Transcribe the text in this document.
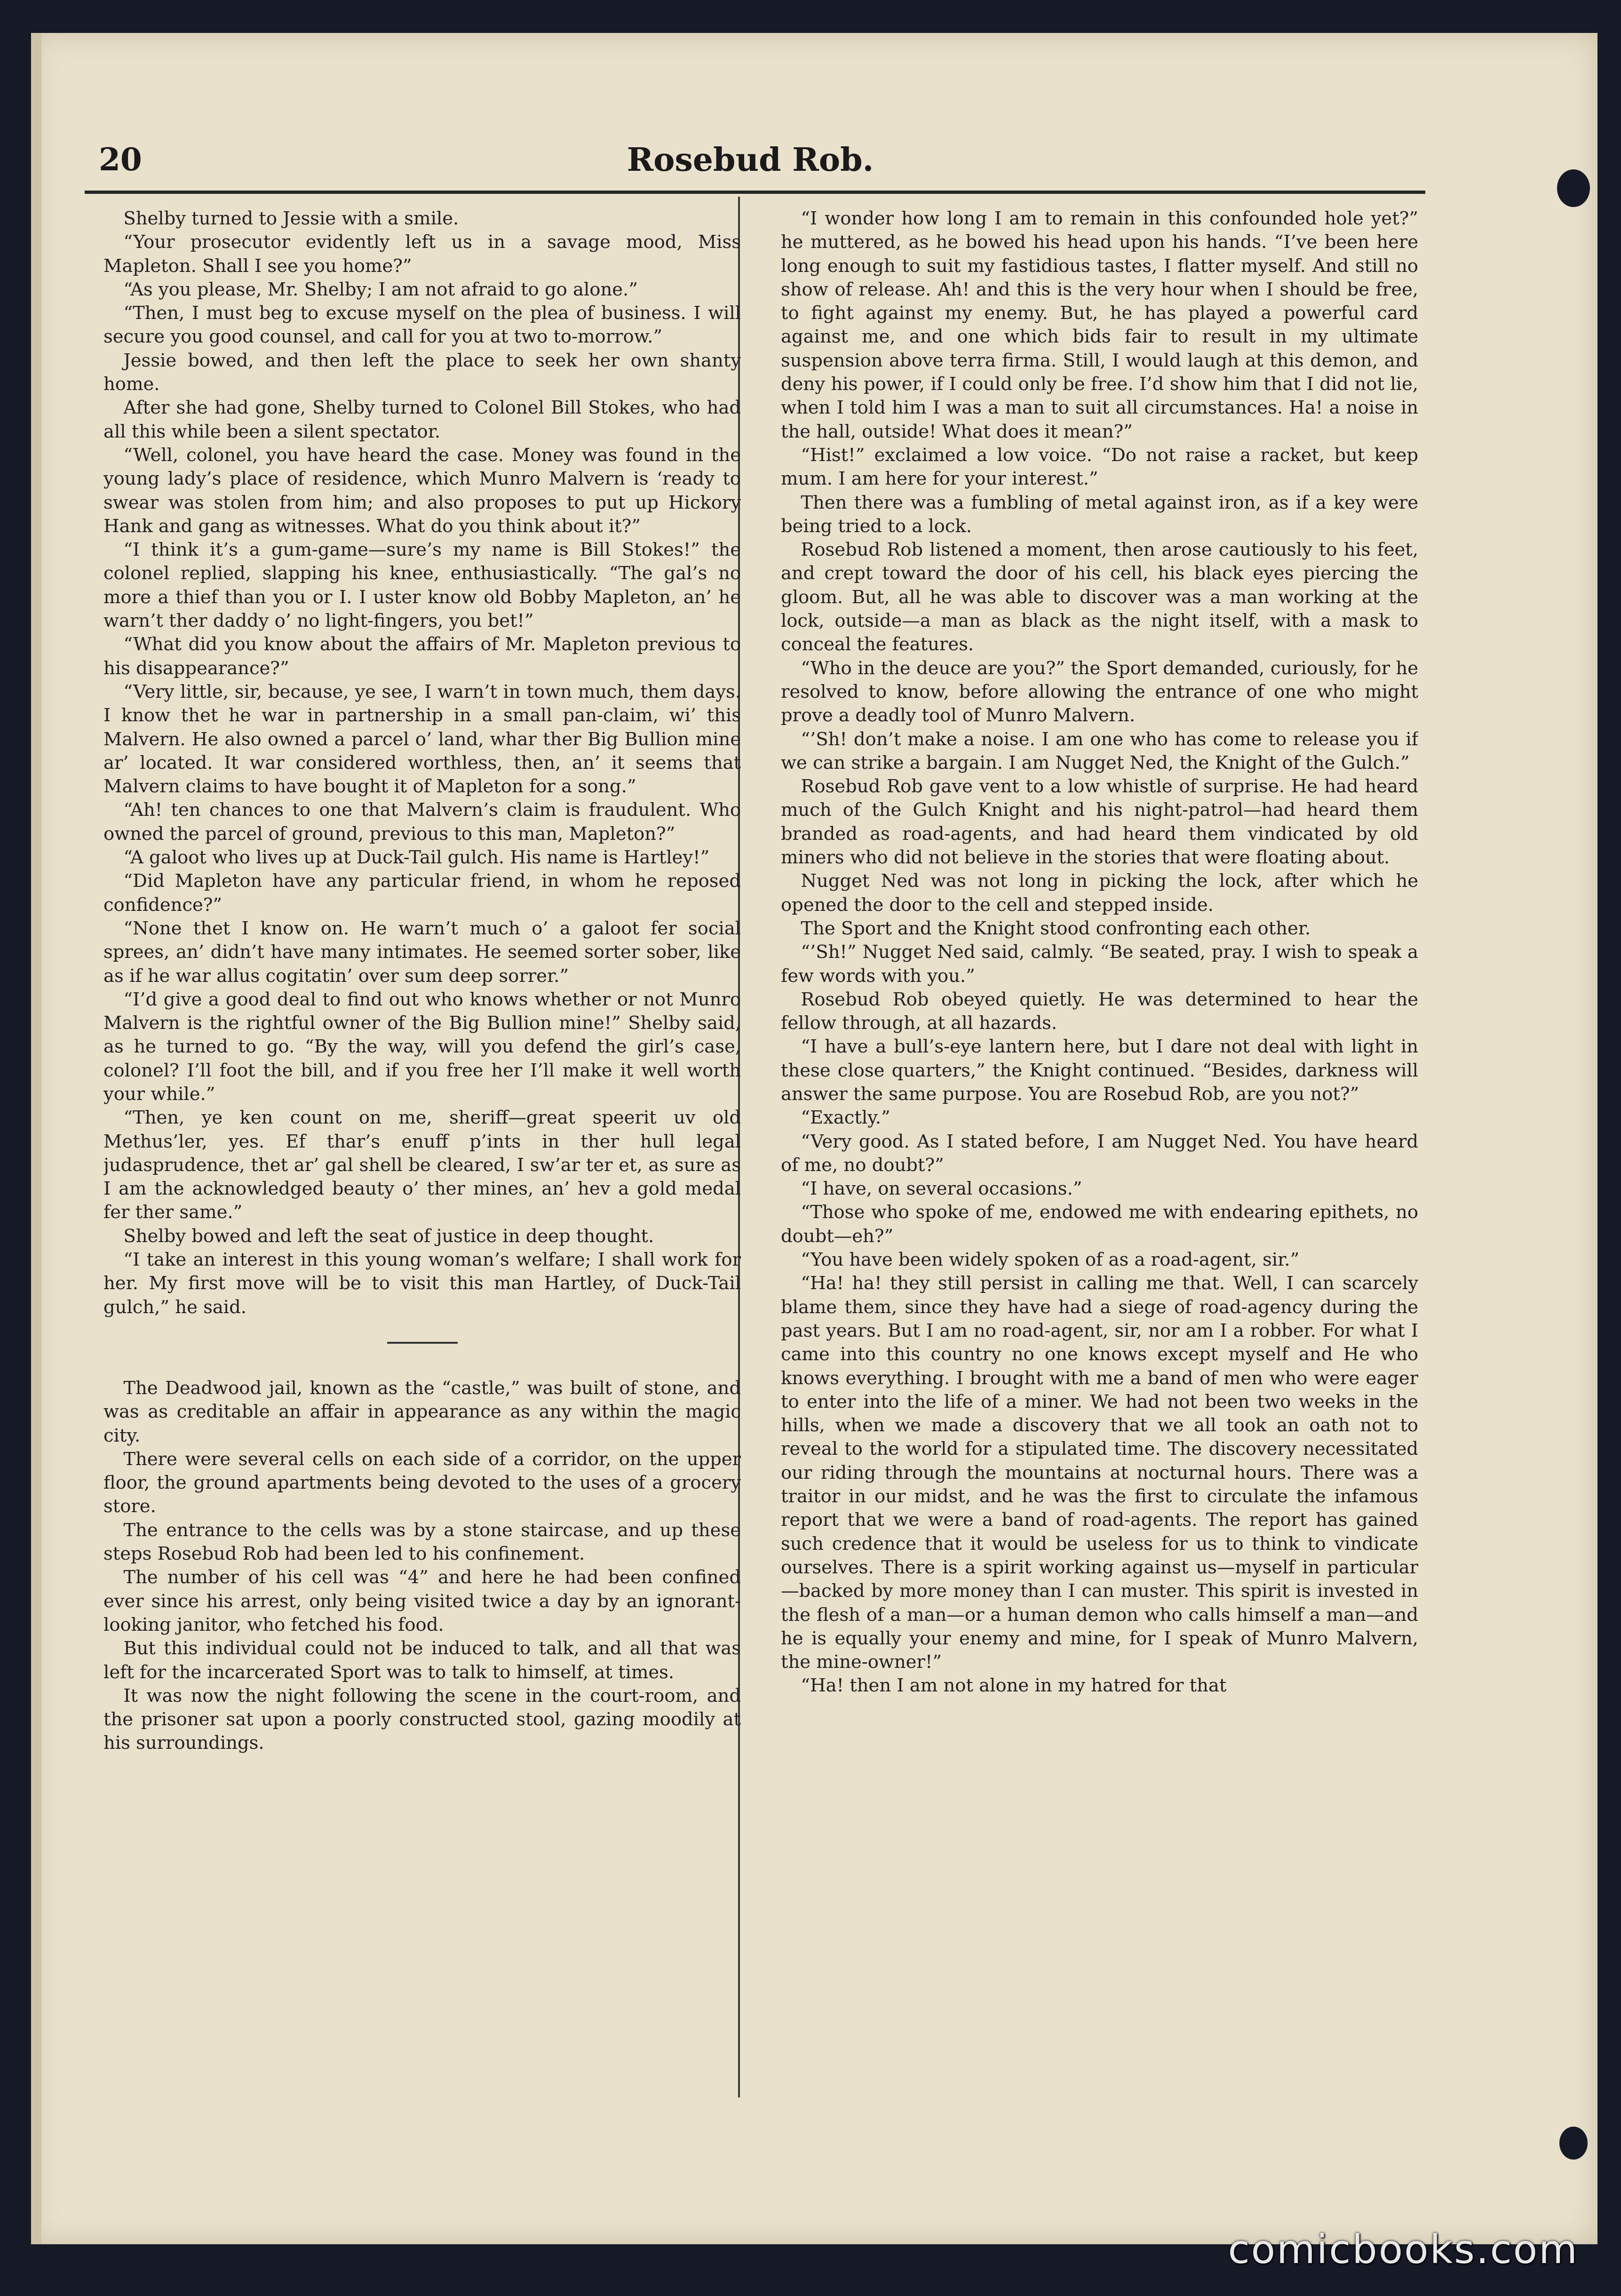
20	Rosebud Rob.

Shelby turned to Jessie with a smile.

“Your prosecutor evidently left us in a savage mood, Miss Mapleton. Shall I see you home?”

“As you please, Mr. Shelby; I am not afraid to go alone.”

“Then, I must beg to excuse myself on the plea of business. I will secure you good counsel, and call for you at two to-morrow.”

Jessie bowed, and then left the place to seek her own shanty home.

After she had gone, Shelby turned to Colonel Bill Stokes, who had all this while been a silent spectator.

“Well, colonel, you have heard the case. Money was found in the young lady’s place of residence, which Munro Malvern is ‘ready to swear was stolen from him; and also proposes to put up Hickory Hank and gang as witnesses. What do you think about it?”

“I think it’s a gum-game—sure’s my name is Bill Stokes!” the colonel replied, slapping his knee, enthusiastically. “The gal’s no more a thief than you or I. I uster know old Bobby Mapleton, an’ he warn’t ther daddy o’ no light-fingers, you bet!”

“What did you know about the affairs of Mr. Mapleton previous to his disappearance?”

“Very little, sir, because, ye see, I warn’t in town much, them days. I know thet he war in partnership in a small pan-claim, wi’ this Malvern. He also owned a parcel o’ land, whar ther Big Bullion mine ar’ located. It war considered worthless, then, an’ it seems that Malvern claims to have bought it of Mapleton for a song.”

“Ah! ten chances to one that Malvern’s claim is fraudulent. Who owned the parcel of ground, previous to this man, Mapleton?”

“A galoot who lives up at Duck-Tail gulch. His name is Hartley!”

“Did Mapleton have any particular friend, in whom he reposed confidence?”

“None thet I know on. He warn’t much o’ a galoot fer social sprees, an’ didn’t have many intimates. He seemed sorter sober, like as if he war allus cogitatin’ over sum deep sorrer.”

“I’d give a good deal to find out who knows whether or not Munro Malvern is the rightful owner of the Big Bullion mine!” Shelby said, as he turned to go. “By the way, will you defend the girl’s case, colonel? I’ll foot the bill, and if you free her I’ll make it well worth your while.”

“Then, ye ken count on me, sheriff—great speerit uv old Methus’ler, yes. Ef thar’s enuff p’ints in ther hull legal judasprudence, thet ar’ gal shell be cleared, I sw’ar ter et, as sure as I am the acknowledged beauty o’ ther mines, an’ hev a gold medal fer ther same.”

Shelby bowed and left the seat of justice in deep thought.

“I take an interest in this young woman’s welfare; I shall work for her. My first move will be to visit this man Hartley, of Duck-Tail gulch,” he said.

The Deadwood jail, known as the “castle,” was built of stone, and was as creditable an affair in appearance as any within the magic city.

There were several cells on each side of a corridor, on the upper floor, the ground apartments being devoted to the uses of a grocery store.

The entrance to the cells was by a stone staircase, and up these steps Rosebud Rob had been led to his confinement.

The number of his cell was “4” and here he had been confined ever since his arrest, only being visited twice a day by an ignorant-looking janitor, who fetched his food.

But this individual could not be induced to talk, and all that was left for the incarcerated Sport was to talk to himself, at times.

It was now the night following the scene in the court-room, and the prisoner sat upon a poorly constructed stool, gazing moodily at his surroundings.

“I wonder how long I am to remain in this confounded hole yet?” he muttered, as he bowed his head upon his hands. “I’ve been here long enough to suit my fastidious tastes, I flatter myself. And still no show of release. Ah! and this is the very hour when I should be free, to fight against my enemy. But, he has played a powerful card against me, and one which bids fair to result in my ultimate suspension above terra firma. Still, I would laugh at this demon, and deny his power, if I could only be free. I’d show him that I did not lie, when I told him I was a man to suit all circumstances. Ha! a noise in the hall, outside! What does it mean?”

“Hist!” exclaimed a low voice. “Do not raise a racket, but keep mum. I am here for your interest.”

Then there was a fumbling of metal against iron, as if a key were being tried to a lock.

Rosebud Rob listened a moment, then arose cautiously to his feet, and crept toward the door of his cell, his black eyes piercing the gloom. But, all he was able to discover was a man working at the lock, outside—a man as black as the night itself, with a mask to conceal the features.

“Who in the deuce are you?” the Sport demanded, curiously, for he resolved to know, before allowing the entrance of one who might prove a deadly tool of Munro Malvern.

“’Sh! don’t make a noise. I am one who has come to release you if we can strike a bargain. I am Nugget Ned, the Knight of the Gulch.”

Rosebud Rob gave vent to a low whistle of surprise. He had heard much of the Gulch Knight and his night-patrol—had heard them branded as road-agents, and had heard them vindicated by old miners who did not believe in the stories that were floating about.

Nugget Ned was not long in picking the lock, after which he opened the door to the cell and stepped inside.

The Sport and the Knight stood confronting each other.

“’Sh!” Nugget Ned said, calmly. “Be seated, pray. I wish to speak a few words with you.”

Rosebud Rob obeyed quietly. He was determined to hear the fellow through, at all hazards.

“I have a bull’s-eye lantern here, but I dare not deal with light in these close quarters,” the Knight continued. “Besides, darkness will answer the same purpose. You are Rosebud Rob, are you not?”

“Exactly.”

“Very good. As I stated before, I am Nugget Ned. You have heard of me, no doubt?”

“I have, on several occasions.”

“Those who spoke of me, endowed me with endearing epithets, no doubt—eh?”

“You have been widely spoken of as a road-agent, sir.”

“Ha! ha! they still persist in calling me that. Well, I can scarcely blame them, since they have had a siege of road-agency during the past years. But I am no road-agent, sir, nor am I a robber. For what I came into this country no one knows except myself and He who knows everything. I brought with me a band of men who were eager to enter into the life of a miner. We had not been two weeks in the hills, when we made a discovery that we all took an oath not to reveal to the world for a stipulated time. The discovery necessitated our riding through the mountains at nocturnal hours. There was a traitor in our midst, and he was the first to circulate the infamous report that we were a band of road-agents. The report has gained such credence that it would be useless for us to think to vindicate ourselves. There is a spirit working against us—myself in particular—backed by more money than I can muster. This spirit is invested in the flesh of a man—or a human demon who calls himself a man—and he is equally your enemy and mine, for I speak of Munro Malvern, the mine-owner!”

“Ha! then I am not alone in my hatred for that

comicbooks.com
